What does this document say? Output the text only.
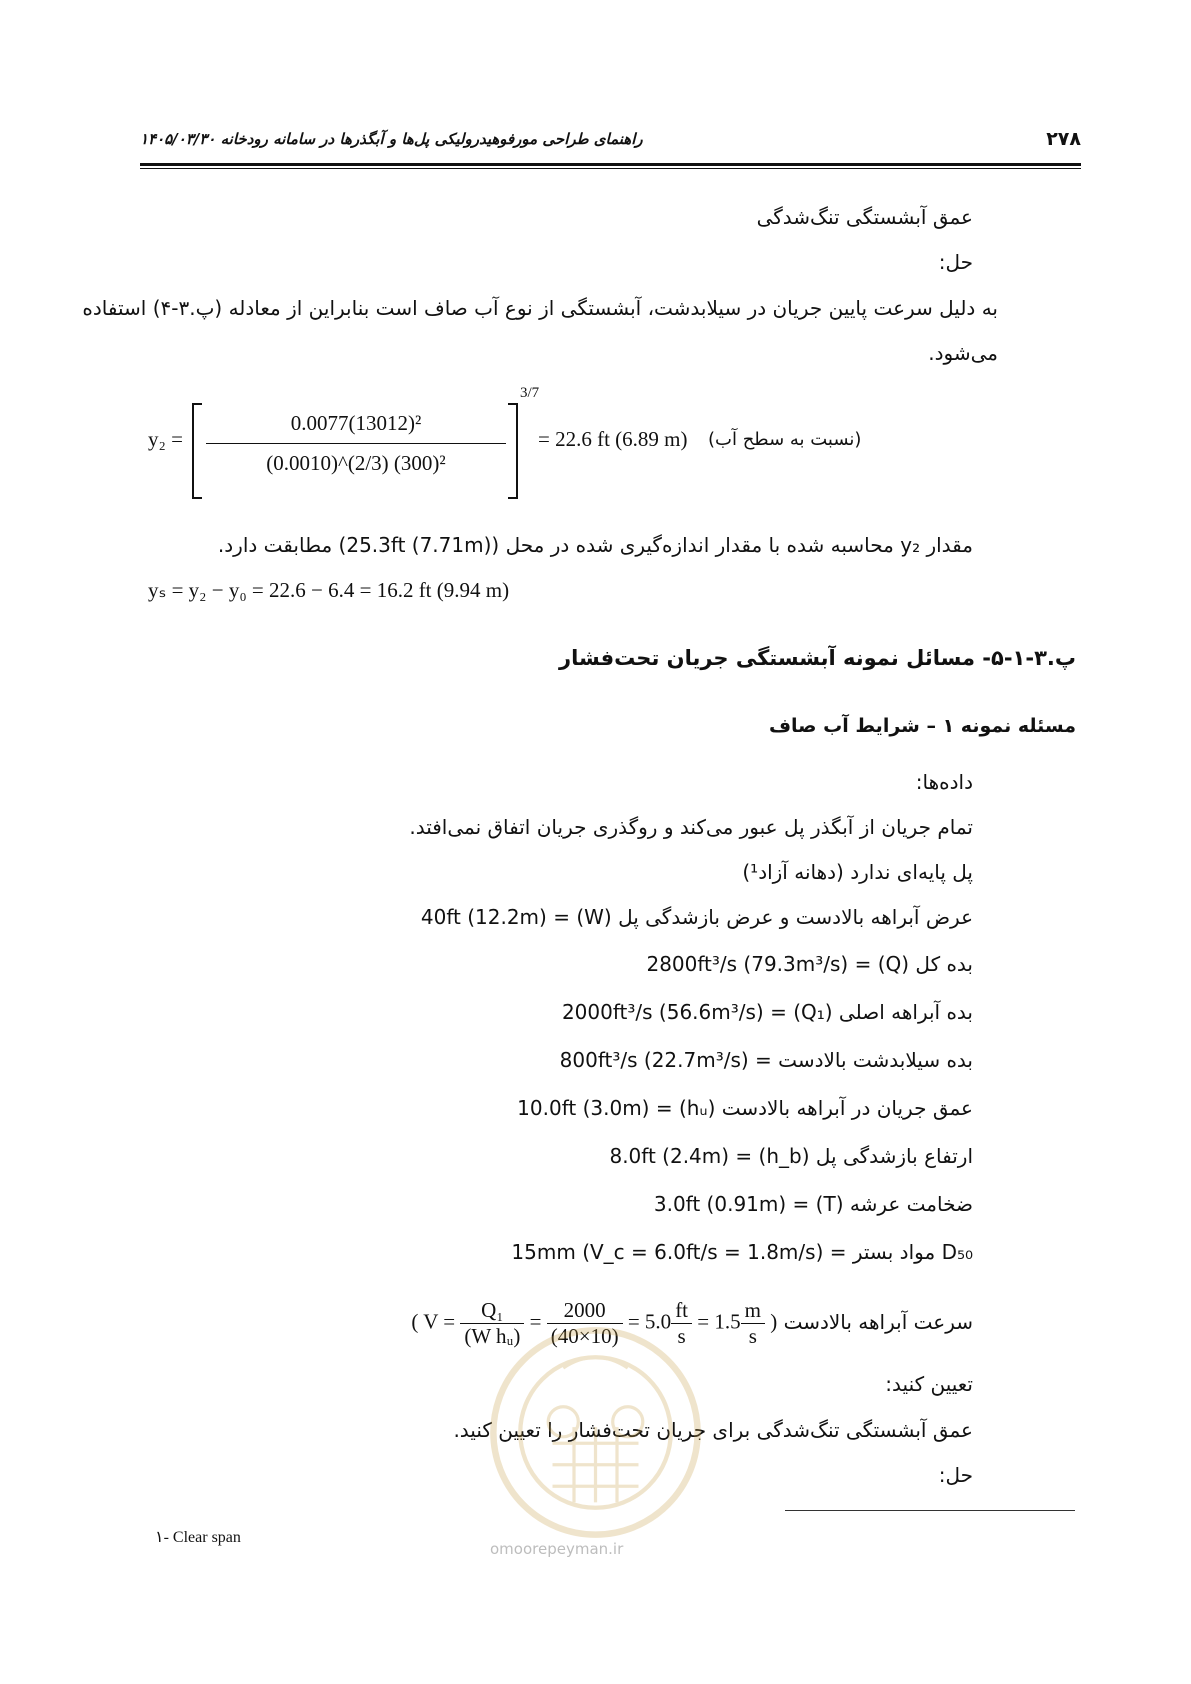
۲۷۸
راهنمای طراحی مورفوهیدرولیکی پل‌ها و آبگذرها در سامانه رودخانه ۱۴۰۵/۰۳/۳۰
عمق آبشستگی تنگ‌شدگی
حل:
به دلیل سرعت پایین جریان در سیلابدشت، آبشستگی از نوع آب صاف است بنابراین از معادله (پ.۳-۴) استفاده
می‌شود.
y₂ =
0.0077(13012)²
(0.0010)^(2/3) (300)²
3/7
= 22.6 ft (6.89 m) (نسبت به سطح آب)
مقدار y₂ محاسبه شده با مقدار اندازه‌گیری شده در محل (25.3ft (7.71m)) مطابقت دارد.
yₛ = y₂ − y₀ = 22.6 − 6.4 = 16.2 ft (9.94 m)
پ.۳-۱-۵- مسائل نمونه آبشستگی جریان تحت‌فشار
مسئله نمونه ۱ – شرایط آب صاف
داده‌ها:
تمام جریان از آبگذر پل عبور می‌کند و روگذری جریان اتفاق نمی‌افتد.
پل پایه‌ای ندارد (دهانه آزاد¹)
عرض آبراهه بالادست و عرض بازشدگی پل (W) = 40ft (12.2m)
بده کل (Q) = 2800ft³/s (79.3m³/s)
بده آبراهه اصلی (Q₁) = 2000ft³/s (56.6m³/s)
بده سیلابدشت بالادست = 800ft³/s (22.7m³/s)
عمق جریان در آبراهه بالادست (hᵤ) = 10.0ft (3.0m)
ارتفاع بازشدگی پل (h_b) = 8.0ft (2.4m)
ضخامت عرشه (T) = 3.0ft (0.91m)
D₅₀ مواد بستر = 15mm (V_c = 6.0ft/s = 1.8m/s)
سرعت آبراهه بالادست ( $V = \frac{\text{Q₁}}{\text{(W hᵤ)}} = \frac{2000}{(40\times 10)} = 5.0 \frac{ft}{s} = 1.5 \frac{m}{s}$ )
تعیین کنید:
عمق آبشستگی تنگ‌شدگی برای جریان تحت‌فشار را تعیین کنید.
حل:
۱- Clear span
omoorepeyman.ir
